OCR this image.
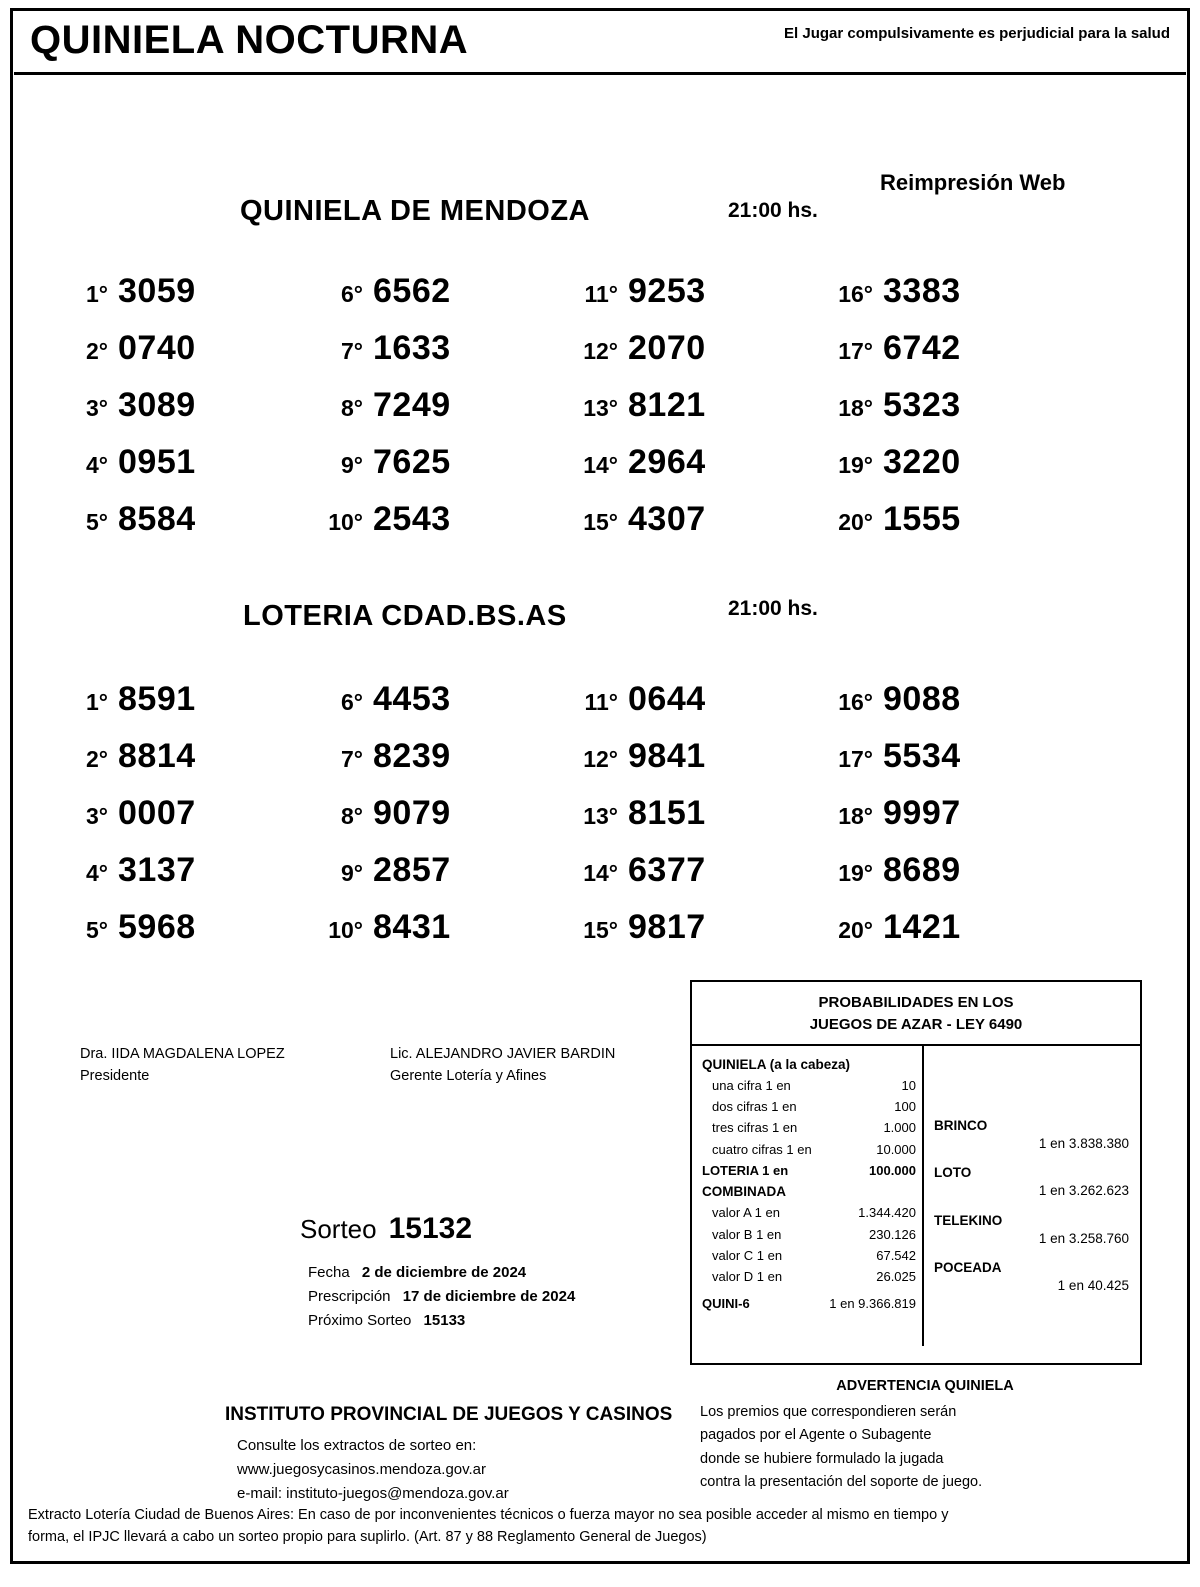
QUINIELA NOCTURNA	El Jugar compulsivamente es perjudicial para la salud
Reimpresión Web
QUINIELA DE MENDOZA	21:00 hs.
1° 3059	6° 6562	11° 9253	16° 3383
2° 0740	7° 1633	12° 2070	17° 6742
3° 3089	8° 7249	13° 8121	18° 5323
4° 0951	9° 7625	14° 2964	19° 3220
5° 8584	10° 2543	15° 4307	20° 1555
LOTERIA CDAD.BS.AS	21:00 hs.
1° 8591	6° 4453	11° 0644	16° 9088
2° 8814	7° 8239	12° 9841	17° 5534
3° 0007	8° 9079	13° 8151	18° 9997
4° 3137	9° 2857	14° 6377	19° 8689
5° 5968	10° 8431	15° 9817	20° 1421
Dra. IIDA MAGDALENA LOPEZ
Presidente
Lic. ALEJANDRO JAVIER BARDIN
Gerente Lotería y Afines
Sorteo 15132
Fecha 2 de diciembre de 2024
Prescripción 17 de diciembre de 2024
Próximo Sorteo 15133
PROBABILIDADES EN LOS
JUEGOS DE AZAR - LEY 6490
QUINIELA (a la cabeza)
una cifra 1 en	10
dos cifras 1 en	100
tres cifras 1 en	1.000
cuatro cifras 1 en	10.000
LOTERIA 1 en	100.000
COMBINADA
valor A 1 en	1.344.420
valor B 1 en	230.126
valor C 1 en	67.542
valor D 1 en	26.025
QUINI-6	1 en 9.366.819
BRINCO
1 en 3.838.380
LOTO
1 en 3.262.623
TELEKINO
1 en 3.258.760
POCEADA
1 en 40.425
ADVERTENCIA QUINIELA
Los premios que correspondieren serán
pagados por el Agente o Subagente
donde se hubiere formulado la jugada
contra la presentación del soporte de juego.
INSTITUTO PROVINCIAL DE JUEGOS Y CASINOS
Consulte los extractos de sorteo en:
www.juegosycasinos.mendoza.gov.ar
e-mail: instituto-juegos@mendoza.gov.ar
Extracto Lotería Ciudad de Buenos Aires: En caso de por inconvenientes técnicos o fuerza mayor no sea posible acceder al mismo en tiempo y
forma, el IPJC llevará a cabo un sorteo propio para suplirlo. (Art. 87 y 88 Reglamento General de Juegos)
